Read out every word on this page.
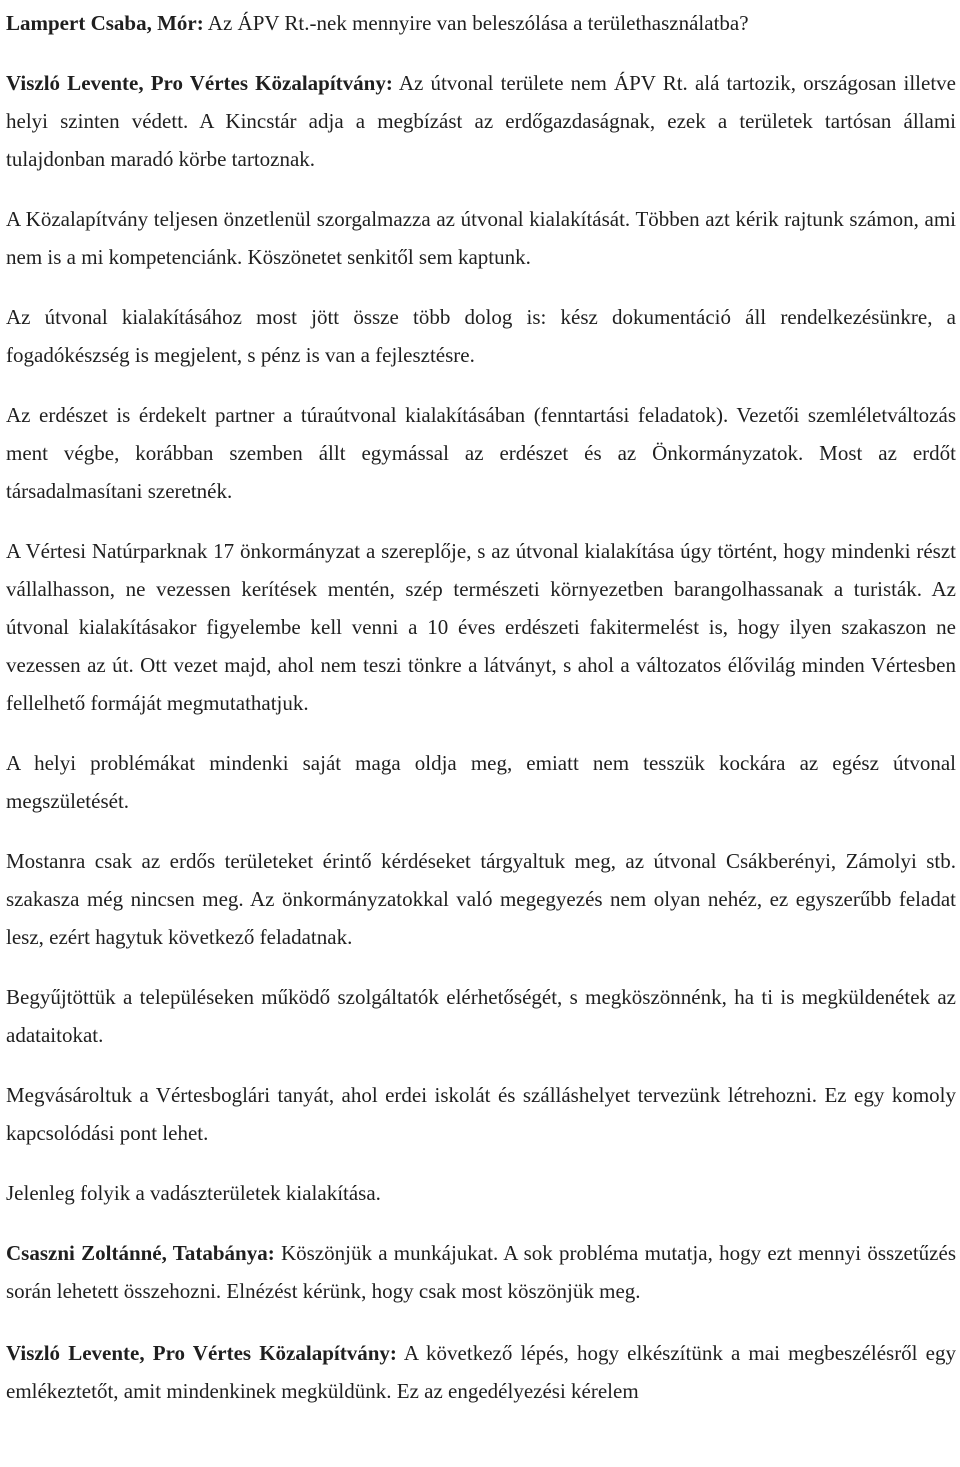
Lampert Csaba, Mór: Az ÁPV Rt.-nek mennyire van beleszólása a területhasználatba?

Viszló Levente, Pro Vértes Közalapítvány: Az útvonal területe nem ÁPV Rt. alá tartozik, országosan illetve helyi szinten védett. A Kincstár adja a megbízást az erdőgazdaságnak, ezek a területek tartósan állami tulajdonban maradó körbe tartoznak.

A Közalapítvány teljesen önzetlenül szorgalmazza az útvonal kialakítását. Többen azt kérik rajtunk számon, ami nem is a mi kompetenciánk. Köszönetet senkitől sem kaptunk.

Az útvonal kialakításához most jött össze több dolog is: kész dokumentáció áll rendelkezésünkre, a fogadókészség is megjelent, s pénz is van a fejlesztésre.

Az erdészet is érdekelt partner a túraútvonal kialakításában (fenntartási feladatok). Vezetői szemléletváltozás ment végbe, korábban szemben állt egymással az erdészet és az Önkormányzatok. Most az erdőt társadalmasítani szeretnék.

A Vértesi Natúrparknak 17 önkormányzat a szereplője, s az útvonal kialakítása úgy történt, hogy mindenki részt vállalhasson, ne vezessen kerítések mentén, szép természeti környezetben barangolhassanak a turisták. Az útvonal kialakításakor figyelembe kell venni a 10 éves erdészeti fakitermelést is, hogy ilyen szakaszon ne vezessen az út. Ott vezet majd, ahol nem teszi tönkre a látványt, s ahol a változatos élővilág minden Vértesben fellelhető formáját megmutathatjuk.

A helyi problémákat mindenki saját maga oldja meg, emiatt nem tesszük kockára az egész útvonal megszületését.

Mostanra csak az erdős területeket érintő kérdéseket tárgyaltuk meg, az útvonal Csákberényi, Zámolyi stb. szakasza még nincsen meg. Az önkormányzatokkal való megegyezés nem olyan nehéz, ez egyszerűbb feladat lesz, ezért hagytuk következő feladatnak.

Begyűjtöttük a településeken működő szolgáltatók elérhetőségét, s megköszönnénk, ha ti is megküldenétek az adataitokat.

Megvásároltuk a Vértesboglári tanyát, ahol erdei iskolát és szálláshelyet tervezünk létrehozni. Ez egy komoly kapcsolódási pont lehet.

Jelenleg folyik a vadászterületek kialakítása.

Csaszni Zoltánné, Tatabánya: Köszönjük a munkájukat. A sok probléma mutatja, hogy ezt mennyi összetűzés során lehetett összehozni. Elnézést kérünk, hogy csak most köszönjük meg.

Viszló Levente, Pro Vértes Közalapítvány: A következő lépés, hogy elkészítünk a mai megbeszélésről egy emlékeztetőt, amit mindenkinek megküldünk. Ez az engedélyezési kérelem
